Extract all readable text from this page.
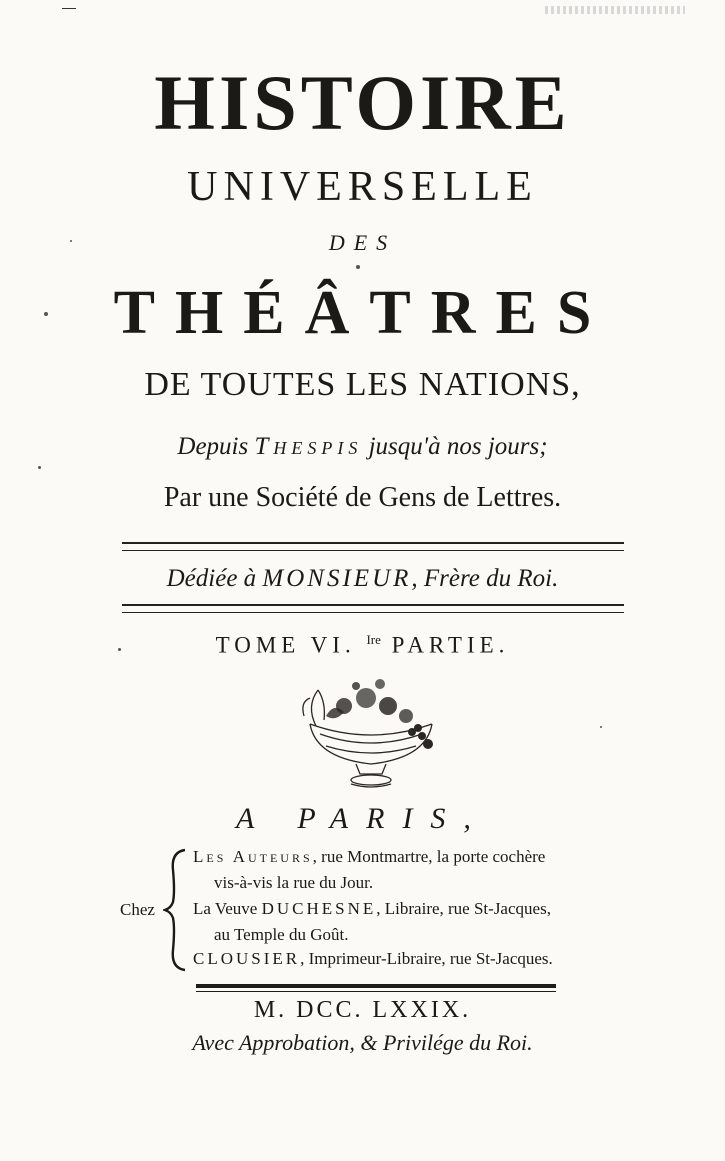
HISTOIRE
UNIVERSELLE
DES
THÉÂTRES
DE TOUTES LES NATIONS,
Depuis Thespis jusqu'à nos jours;
Par une Société de Gens de Lettres.
Dédiée à MONSIEUR, Frère du Roi.
TOME VI. $^{Ire}$ PARTIE.
A PARIS,
Chez
Les Auteurs, rue Montmartre, la porte cochère
vis-à-vis la rue du Jour.
La Veuve DUCHESNE, Libraire, rue St-Jacques,
au Temple du Goût.
CLOUSIER, Imprimeur-Libraire, rue St-Jacques.
M. DCC. LXXIX.
Avec Approbation, & Privilége du Roi.
